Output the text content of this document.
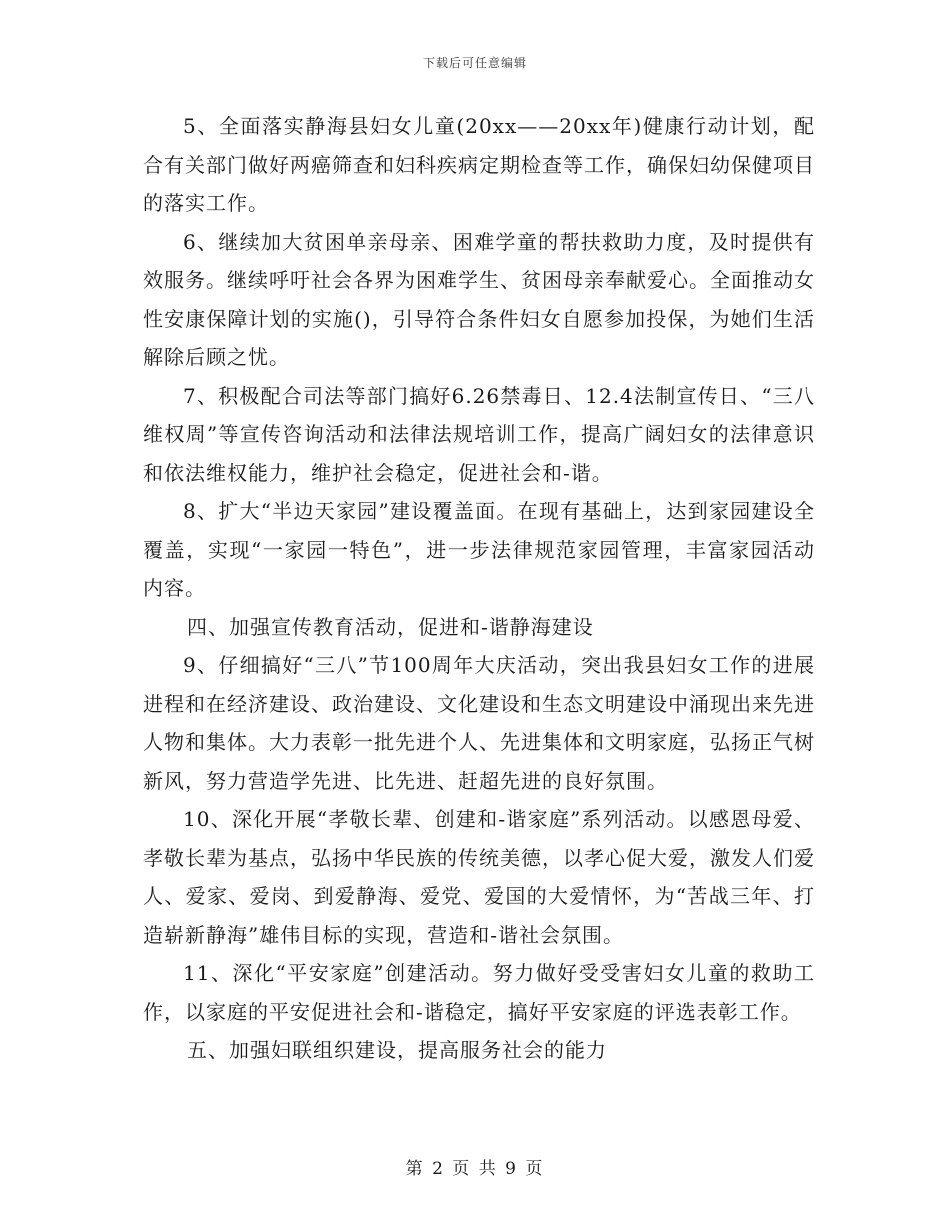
下载后可任意编辑

5、全面落实静海县妇女儿童(20xx——20xx年)健康行动计划，配合有关部门做好两癌筛查和妇科疾病定期检查等工作，确保妇幼保健项目的落实工作。

6、继续加大贫困单亲母亲、困难学童的帮扶救助力度，及时提供有效服务。继续呼吁社会各界为困难学生、贫困母亲奉献爱心。全面推动女性安康保障计划的实施()，引导符合条件妇女自愿参加投保，为她们生活解除后顾之忧。

7、积极配合司法等部门搞好6.26禁毒日、12.4法制宣传日、“三八维权周”等宣传咨询活动和法律法规培训工作，提高广阔妇女的法律意识和依法维权能力，维护社会稳定，促进社会和-谐。

8、扩大“半边天家园”建设覆盖面。在现有基础上，达到家园建设全覆盖，实现“一家园一特色”，进一步法律规范家园管理，丰富家园活动内容。

四、加强宣传教育活动，促进和-谐静海建设

9、仔细搞好“三八”节100周年大庆活动，突出我县妇女工作的进展进程和在经济建设、政治建设、文化建设和生态文明建设中涌现出来先进人物和集体。大力表彰一批先进个人、先进集体和文明家庭，弘扬正气树新风，努力营造学先进、比先进、赶超先进的良好氛围。

10、深化开展“孝敬长辈、创建和-谐家庭”系列活动。以感恩母爱、孝敬长辈为基点，弘扬中华民族的传统美德，以孝心促大爱，激发人们爱人、爱家、爱岗、到爱静海、爱党、爱国的大爱情怀，为“苦战三年、打造崭新静海”雄伟目标的实现，营造和-谐社会氛围。

11、深化“平安家庭”创建活动。努力做好受受害妇女儿童的救助工作，以家庭的平安促进社会和-谐稳定，搞好平安家庭的评选表彰工作。

五、加强妇联组织建设，提高服务社会的能力

第 2 页 共 9 页
